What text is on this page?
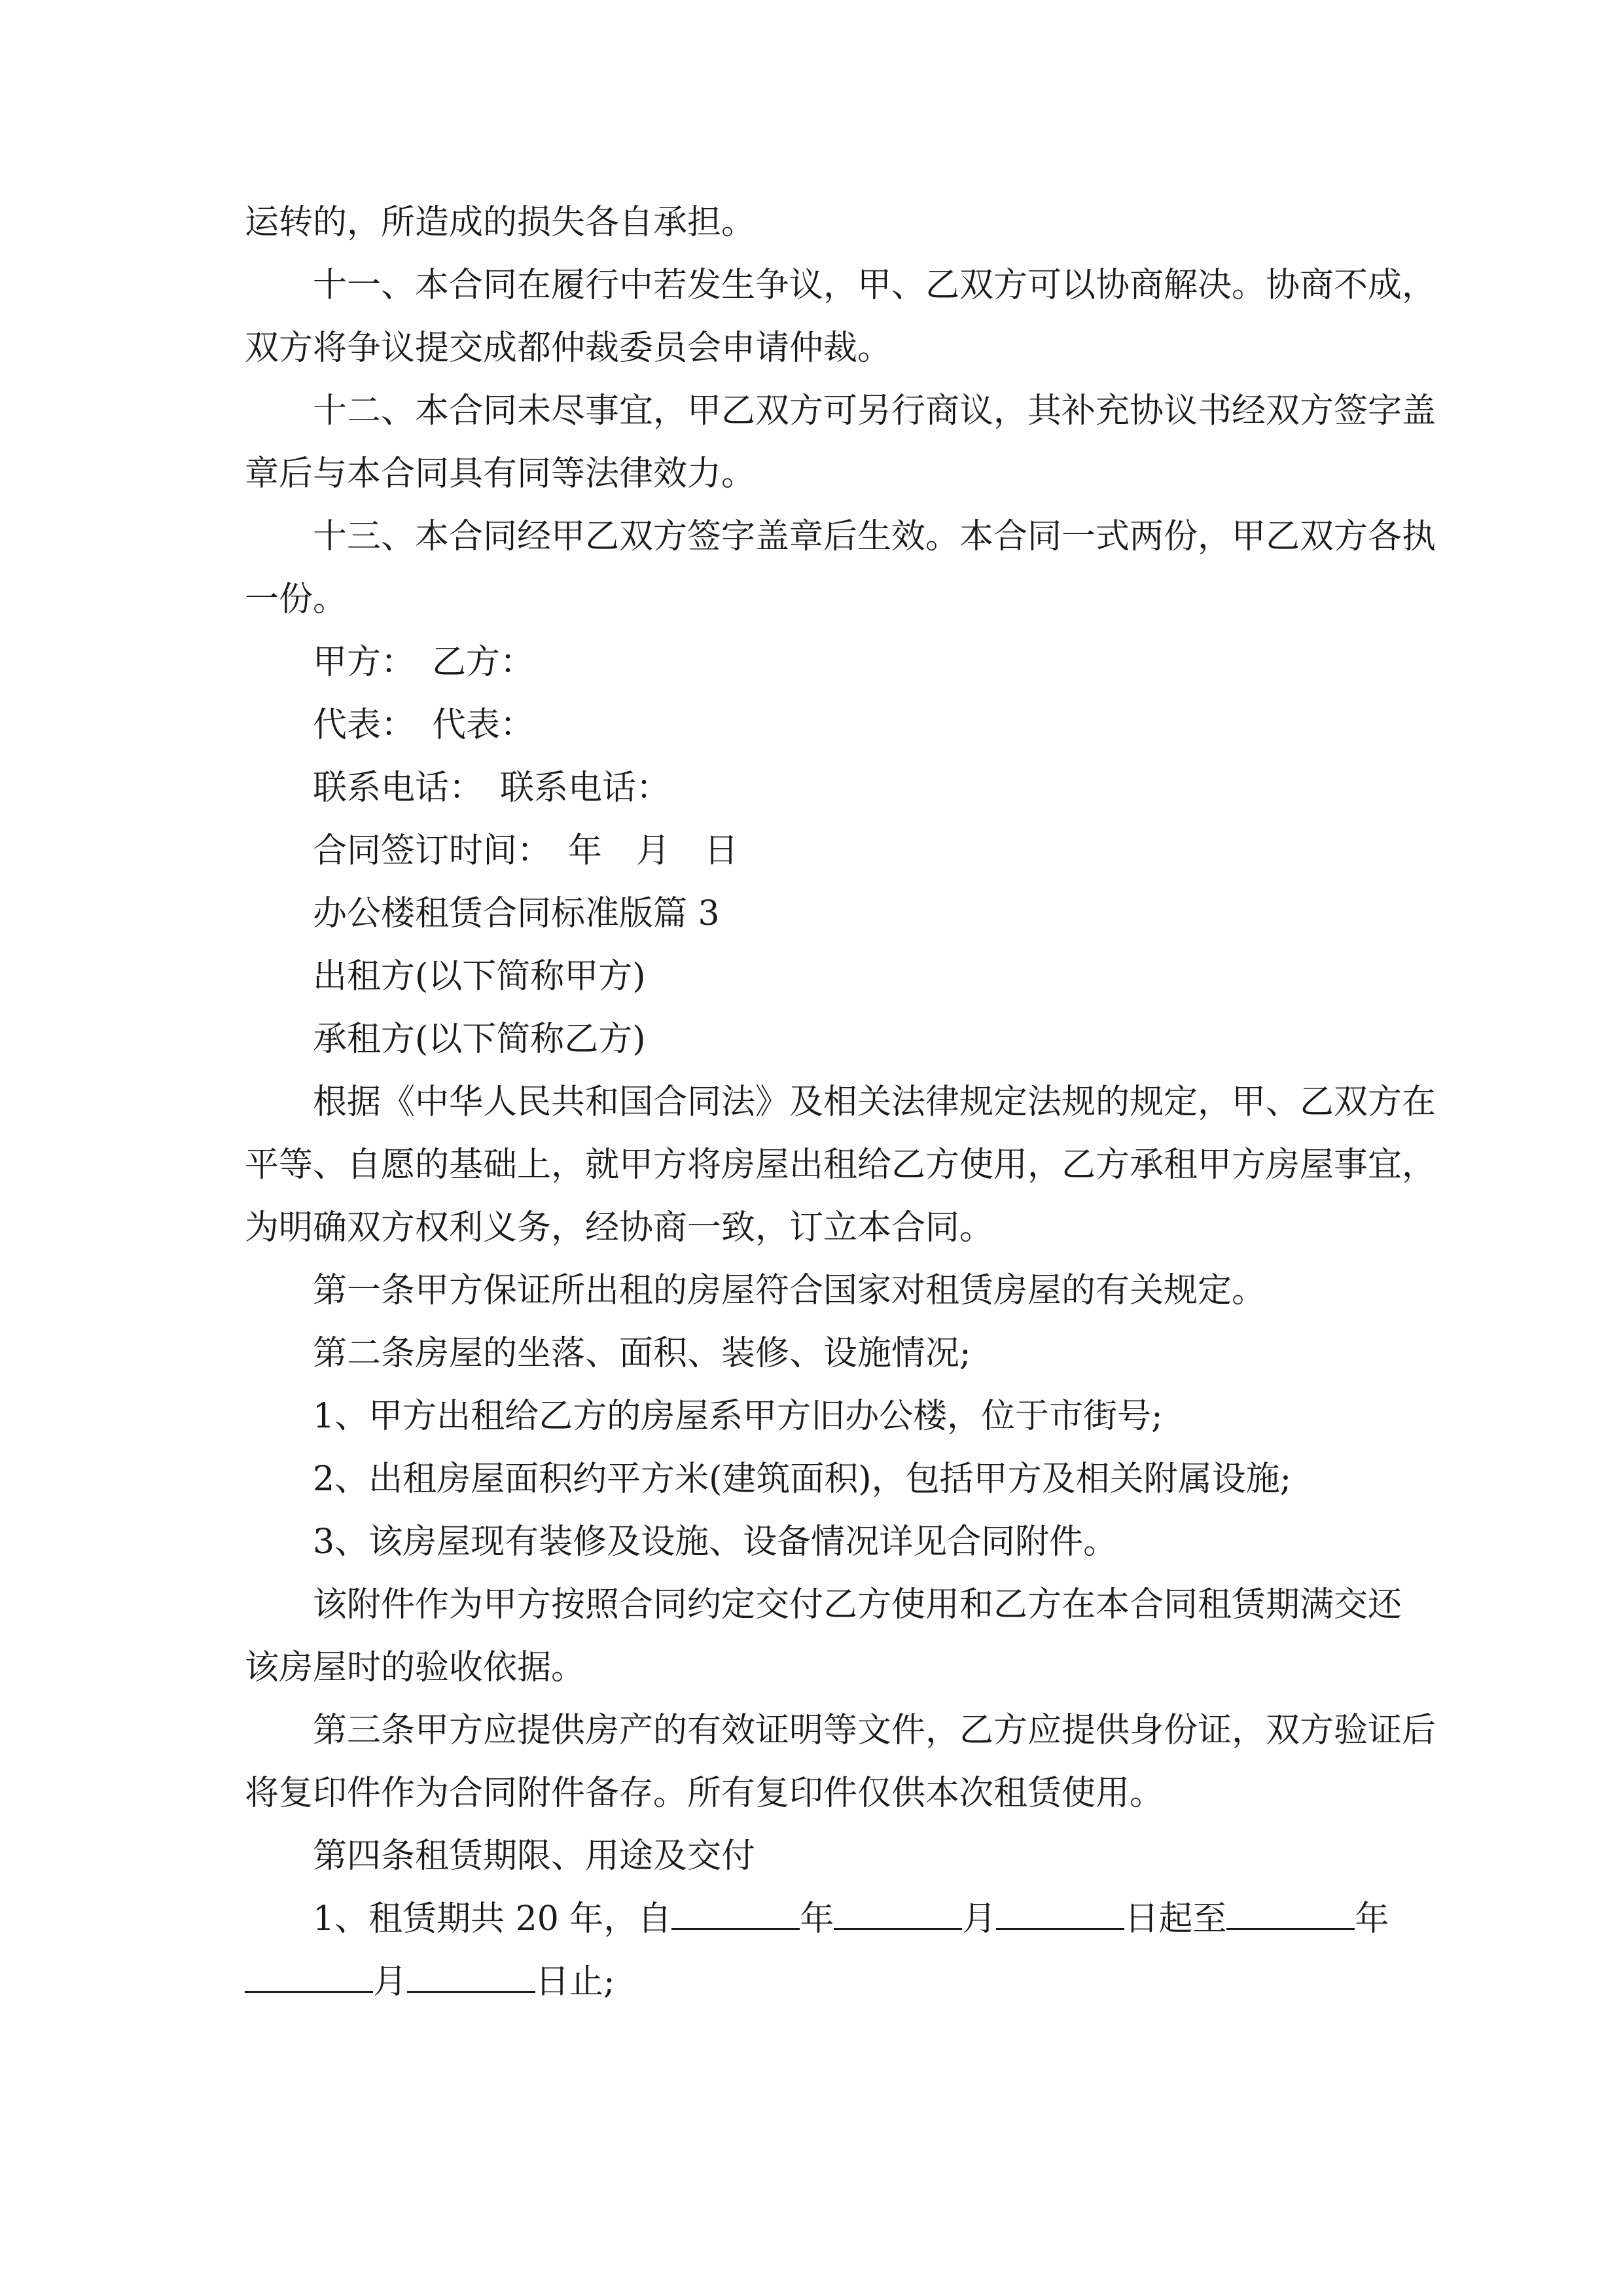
运转的，所造成的损失各自承担。

十一、本合同在履行中若发生争议，甲、乙双方可以协商解决。协商不成，

双方将争议提交成都仲裁委员会申请仲裁。

十二、本合同未尽事宜，甲乙双方可另行商议，其补充协议书经双方签字盖

章后与本合同具有同等法律效力。

十三、本合同经甲乙双方签字盖章后生效。本合同一式两份，甲乙双方各执

一份。

甲方：　乙方：

代表：　代表：

联系电话：　联系电话：

合同签订时间：　年　月　日

办公楼租赁合同标准版篇 3

出租方(以下简称甲方)

承租方(以下简称乙方)

根据《中华人民共和国合同法》及相关法律规定法规的规定，甲、乙双方在

平等、自愿的基础上，就甲方将房屋出租给乙方使用，乙方承租甲方房屋事宜，

为明确双方权利义务，经协商一致，订立本合同。

第一条甲方保证所出租的房屋符合国家对租赁房屋的有关规定。

第二条房屋的坐落、面积、装修、设施情况;

1、甲方出租给乙方的房屋系甲方旧办公楼，位于市街号;

2、出租房屋面积约平方米(建筑面积)，包括甲方及相关附属设施;

3、该房屋现有装修及设施、设备情况详见合同附件。

该附件作为甲方按照合同约定交付乙方使用和乙方在本合同租赁期满交还

该房屋时的验收依据。

第三条甲方应提供房产的有效证明等文件，乙方应提供身份证，双方验证后

将复印件作为合同附件备存。所有复印件仅供本次租赁使用。

第四条租赁期限、用途及交付

1、租赁期共 20 年，自	年	月	日起至	年

月	日止;
